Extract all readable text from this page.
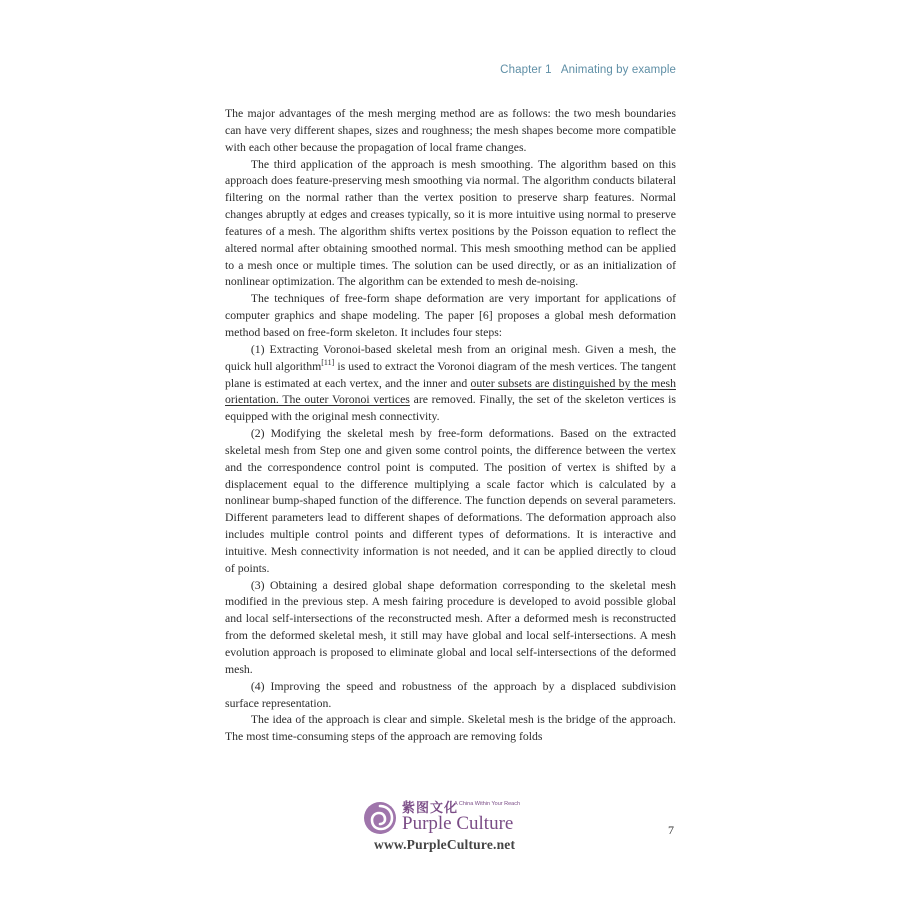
Chapter 1 Animating by example

The major advantages of the mesh merging method are as follows: the two mesh boundaries can have very different shapes, sizes and roughness; the mesh shapes become more compatible with each other because the propagation of local frame changes.

The third application of the approach is mesh smoothing. The algorithm based on this approach does feature-preserving mesh smoothing via normal. The algorithm conducts bilateral filtering on the normal rather than the vertex position to preserve sharp features. Normal changes abruptly at edges and creases typically, so it is more intuitive using normal to preserve features of a mesh. The algorithm shifts vertex positions by the Poisson equation to reflect the altered normal after obtaining smoothed normal. This mesh smoothing method can be applied to a mesh once or multiple times. The solution can be used directly, or as an initialization of nonlinear optimization. The algorithm can be extended to mesh de-noising.

The techniques of free-form shape deformation are very important for applications of computer graphics and shape modeling. The paper [6] proposes a global mesh deformation method based on free-form skeleton. It includes four steps:

(1) Extracting Voronoi-based skeletal mesh from an original mesh. Given a mesh, the quick hull algorithm[11] is used to extract the Voronoi diagram of the mesh vertices. The tangent plane is estimated at each vertex, and the inner and outer subsets are distinguished by the mesh orientation. The outer Voronoi vertices are removed. Finally, the set of the skeleton vertices is equipped with the original mesh connectivity.

(2) Modifying the skeletal mesh by free-form deformations. Based on the extracted skeletal mesh from Step one and given some control points, the difference between the vertex and the correspondence control point is computed. The position of vertex is shifted by a displacement equal to the difference multiplying a scale factor which is calculated by a nonlinear bump-shaped function of the difference. The function depends on several parameters. Different parameters lead to different shapes of deformations. The deformation approach also includes multiple control points and different types of deformations. It is interactive and intuitive. Mesh connectivity information is not needed, and it can be applied directly to cloud of points.

(3) Obtaining a desired global shape deformation corresponding to the skeletal mesh modified in the previous step. A mesh fairing procedure is developed to avoid possible global and local self-intersections of the reconstructed mesh. After a deformed mesh is reconstructed from the deformed skeletal mesh, it still may have global and local self-intersections. A mesh evolution approach is proposed to eliminate global and local self-intersections of the deformed mesh.

(4) Improving the speed and robustness of the approach by a displaced subdivision surface representation.

The idea of the approach is clear and simple. Skeletal mesh is the bridge of the approach. The most time-consuming steps of the approach are removing folds

7
紫图文化
A China Within Your Reach
Purple Culture
www.PurpleCulture.net
